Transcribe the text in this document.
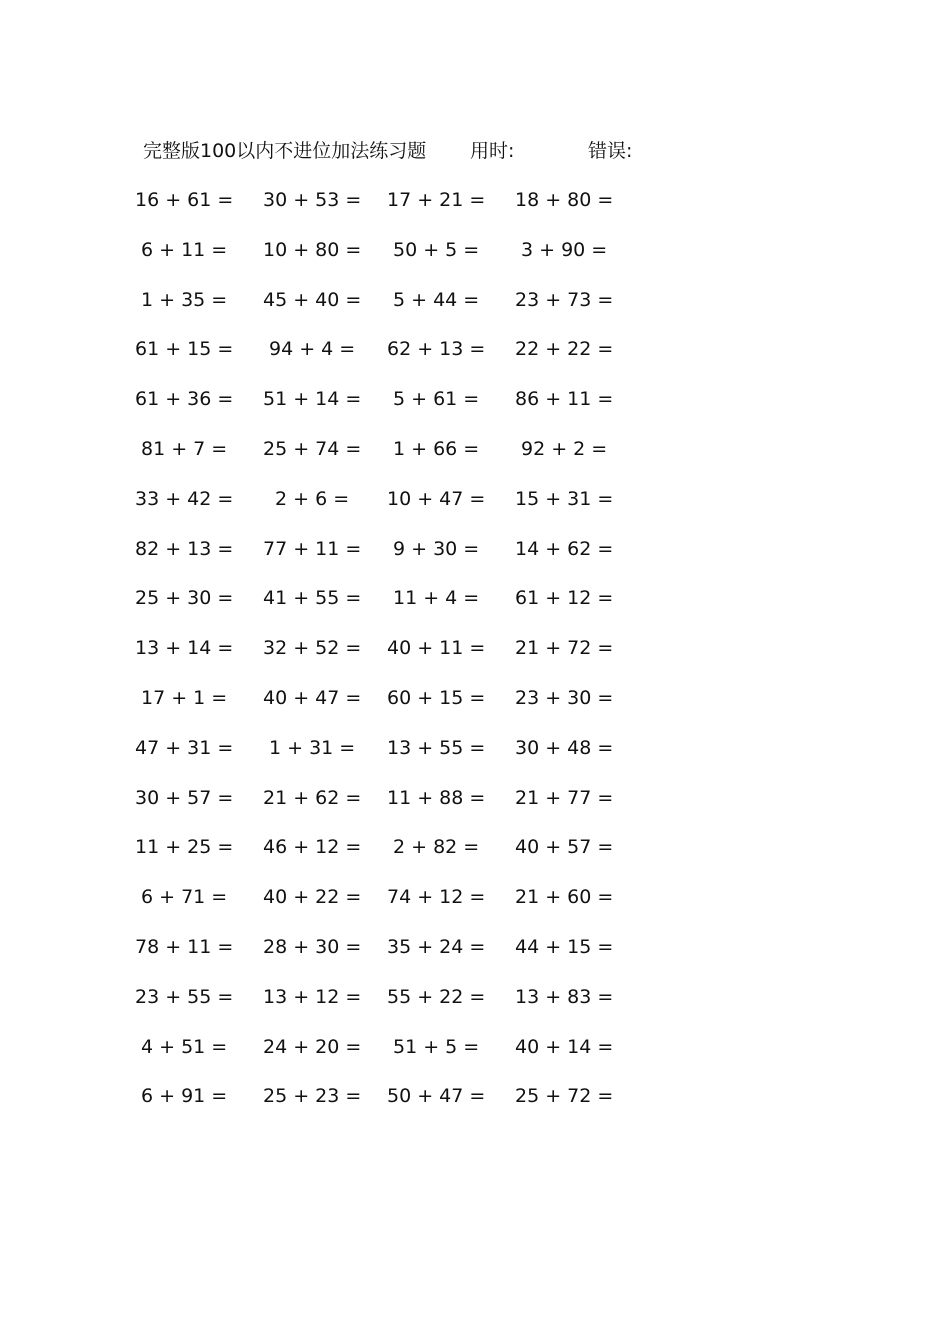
完整版100以内不进位加法练习题 用时:	错误:
16 + 61 = 30 + 53 = 17 + 21 = 18 + 80 =
6 + 11 = 10 + 80 = 50 + 5 = 3 + 90 =
1 + 35 = 45 + 40 = 5 + 44 = 23 + 73 =
61 + 15 = 94 + 4 = 62 + 13 = 22 + 22 =
61 + 36 = 51 + 14 = 5 + 61 = 86 + 11 =
81 + 7 = 25 + 74 = 1 + 66 = 92 + 2 =
33 + 42 = 2 + 6 = 10 + 47 = 15 + 31 =
82 + 13 = 77 + 11 = 9 + 30 = 14 + 62 =
25 + 30 = 41 + 55 = 11 + 4 = 61 + 12 =
13 + 14 = 32 + 52 = 40 + 11 = 21 + 72 =
17 + 1 = 40 + 47 = 60 + 15 = 23 + 30 =
47 + 31 = 1 + 31 = 13 + 55 = 30 + 48 =
30 + 57 = 21 + 62 = 11 + 88 = 21 + 77 =
11 + 25 = 46 + 12 = 2 + 82 = 40 + 57 =
6 + 71 = 40 + 22 = 74 + 12 = 21 + 60 =
78 + 11 = 28 + 30 = 35 + 24 = 44 + 15 =
23 + 55 = 13 + 12 = 55 + 22 = 13 + 83 =
4 + 51 = 24 + 20 = 51 + 5 = 40 + 14 =
6 + 91 = 25 + 23 = 50 + 47 = 25 + 72 =
